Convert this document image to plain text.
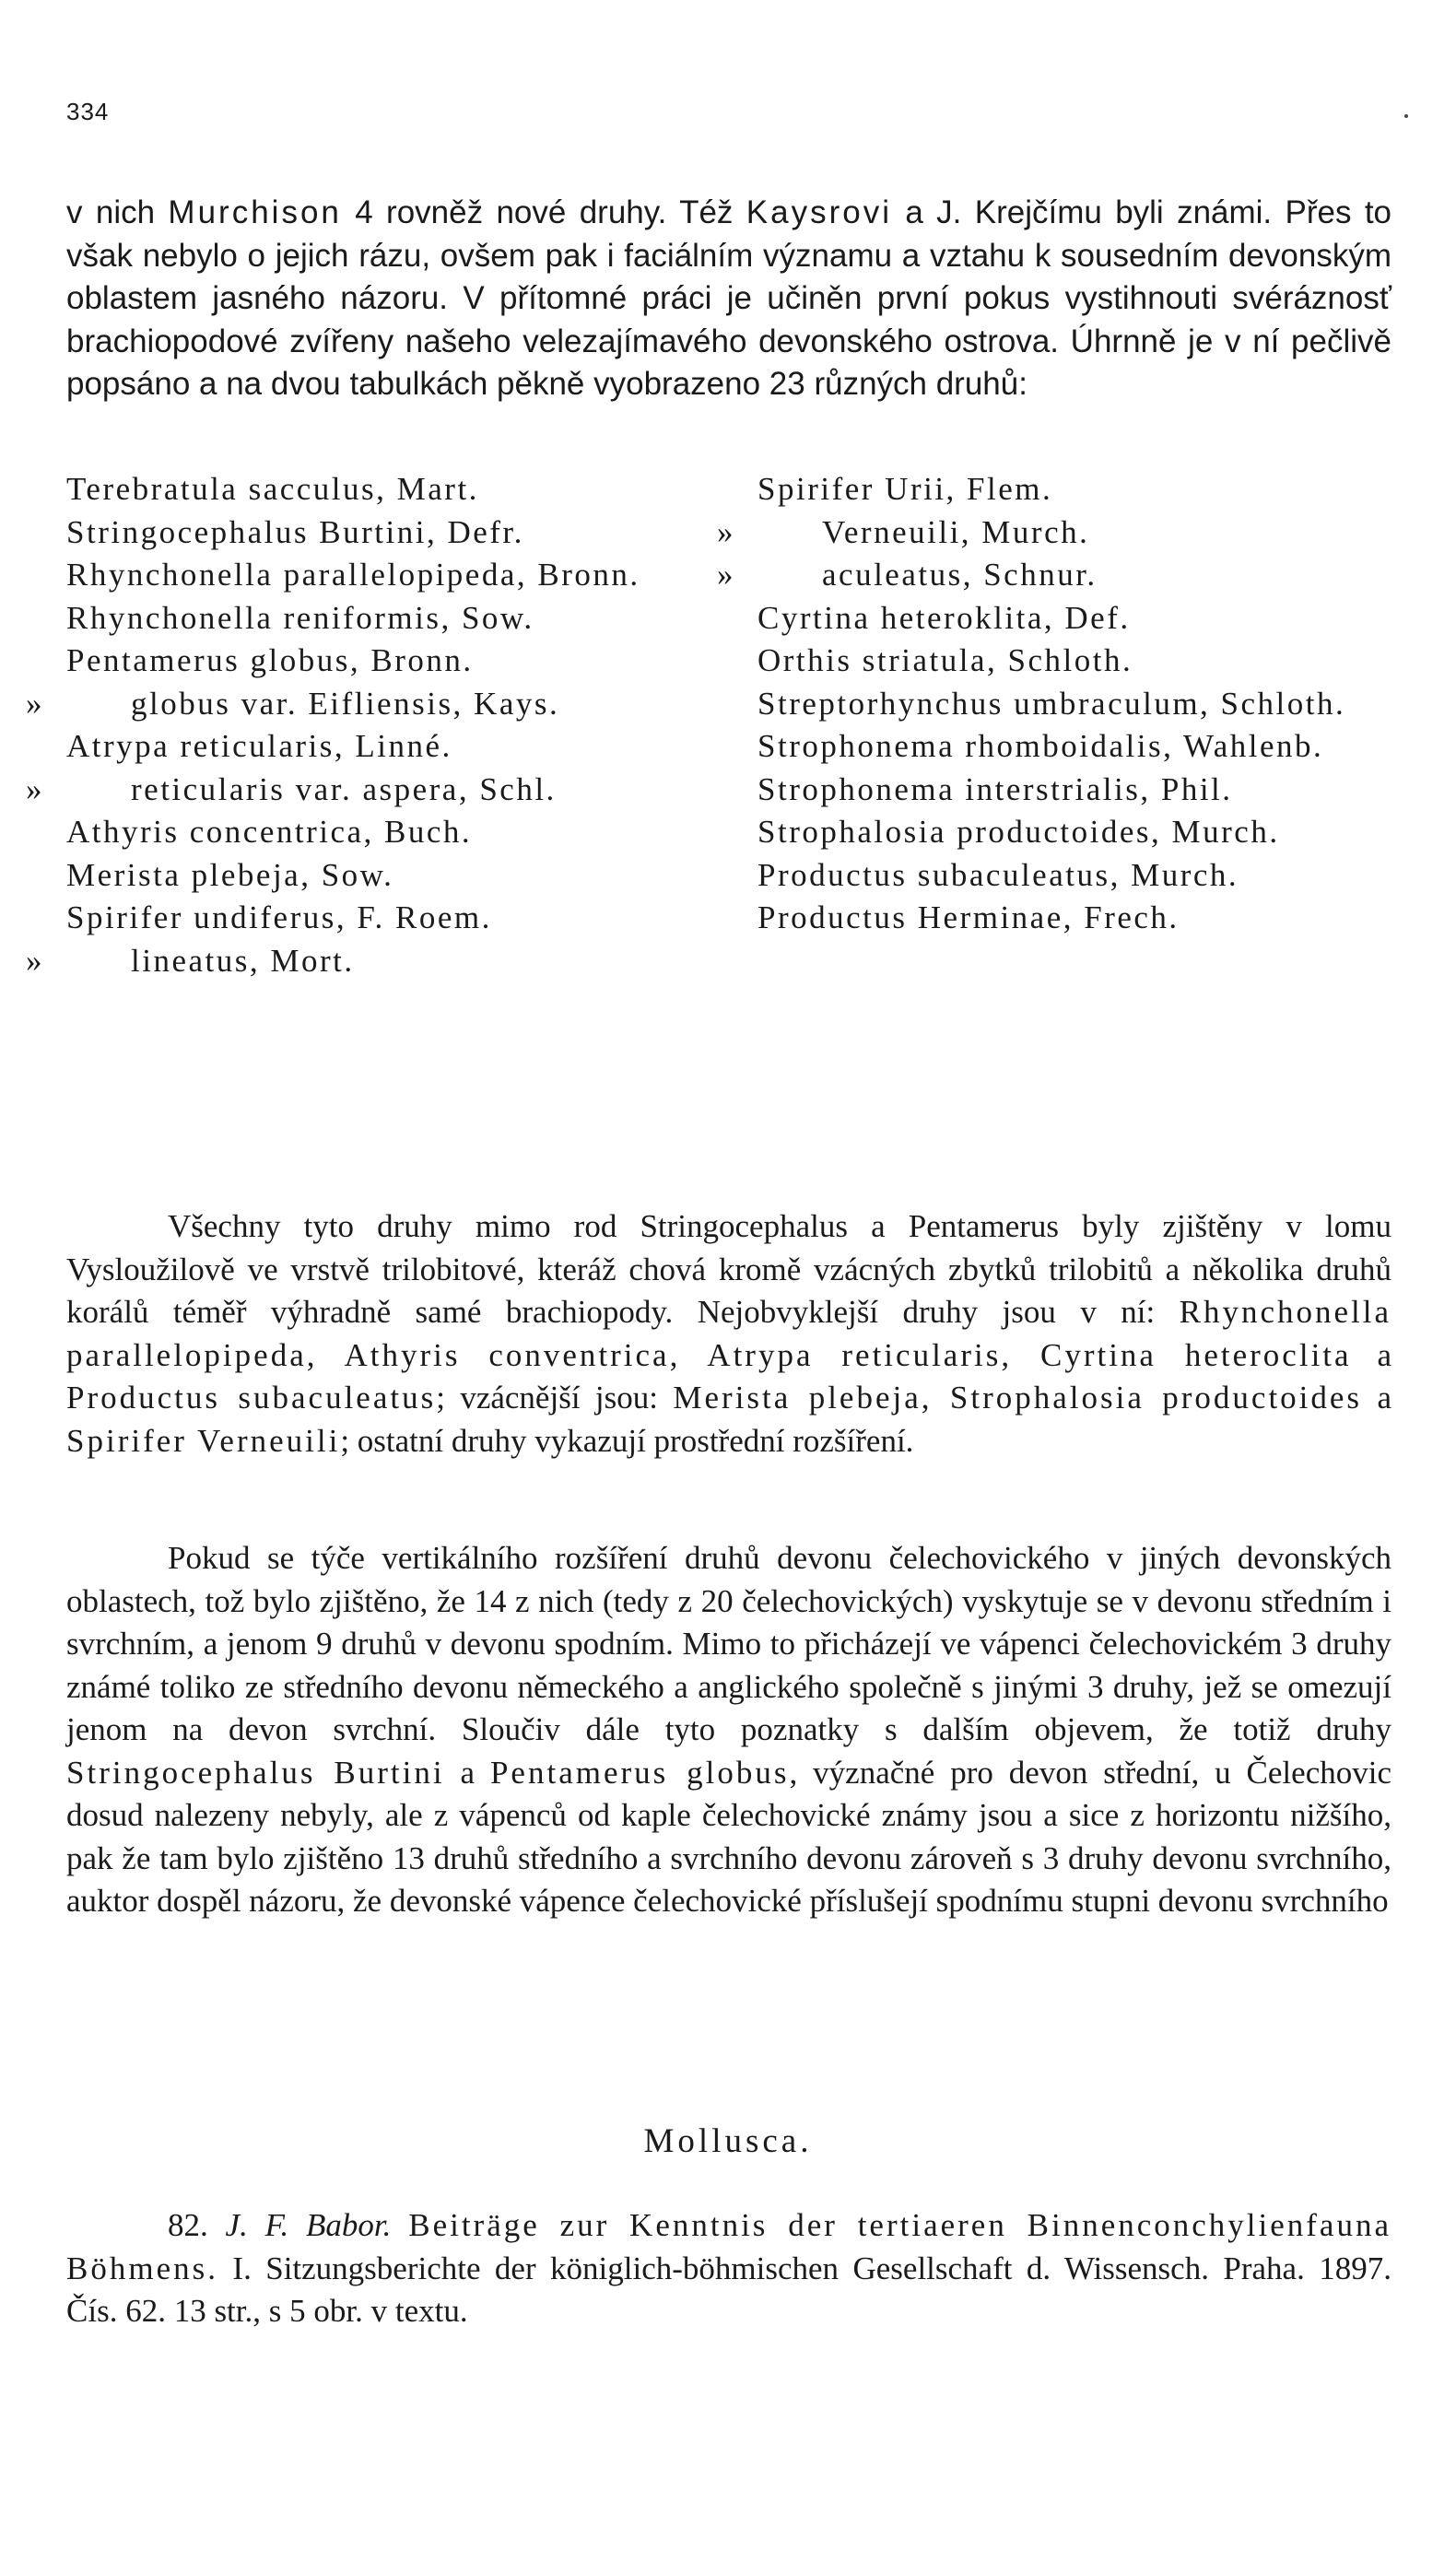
334
v nich Murchison 4 rovněž nové druhy. Též Kaysrovi a J. Krejčímu byli známi. Přes to však nebylo o jejich rázu, ovšem pak i faciálním významu a vztahu k sousedním devonským oblastem jasného názoru. V přítomné práci je učiněn první pokus vystihnouti svéráznosť brachiopodové zvířeny našeho velezajímavého devonského ostrova. Úhrnně je v ní pečlivě popsáno a na dvou tabulkách pěkně vyobrazeno 23 různých druhů:
Terebratula sacculus, Mart.
Stringocephalus Burtini, Defr.
Rhynchonella parallelopipeda, Bronn.
Rhynchonella reniformis, Sow.
Pentamerus globus, Bronn.
»	globus var. Eifliensis, Kays.
Atrypa reticularis, Linné.
»	reticularis var. aspera, Schl.
Athyris concentrica, Buch.
Merista plebeja, Sow.
Spirifer undiferus, F. Roem.
»	lineatus, Mort.
Spirifer Urii, Flem.
»	Verneuili, Murch.
»	aculeatus, Schnur.
Cyrtina heteroklita, Def.
Orthis striatula, Schloth.
Streptorhynchus umbraculum, Schloth.
Strophonema rhomboidalis, Wahlenb.
Strophonema interstrialis, Phil.
Strophalosia productoides, Murch.
Productus subaculeatus, Murch.
Productus Herminae, Frech.
Všechny tyto druhy mimo rod Stringocephalus a Pentamerus byly zjištěny v lomu Vysloužilově ve vrstvě trilobitové, kteráž chová kromě vzácných zbytků trilobitů a několika druhů korálů téměř výhradně samé brachiopody. Nejobvyklejší druhy jsou v ní: Rhynchonella parallelopipeda, Athyris conventrica, Atrypa reticularis, Cyrtina heteroclita a Productus subaculeatus; vzácnější jsou: Merista plebeja, Strophalosia productoides a Spirifer Verneuili; ostatní druhy vykazují prostřední rozšíření.
Pokud se týče vertikálního rozšíření druhů devonu čelechovického v jiných devonských oblastech, tož bylo zjištěno, že 14 z nich (tedy z 20 čelechovických) vyskytuje se v devonu středním i svrchním, a jenom 9 druhů v devonu spodním. Mimo to přicházejí ve vápenci čelechovickém 3 druhy známé toliko ze středního devonu německého a anglického společně s jinými 3 druhy, jež se omezují jenom na devon svrchní. Sloučiv dále tyto poznatky s dalším objevem, že totiž druhy Stringocephalus Burtini a Pentamerus globus, význačné pro devon střední, u Čelechovic dosud nalezeny nebyly, ale z vápenců od kaple čelechovické známy jsou a sice z horizontu nižšího, pak že tam bylo zjištěno 13 druhů středního a svrchního devonu zároveň s 3 druhy devonu svrchního, auktor dospěl názoru, že devonské vápence čelechovické příslušejí spodnímu stupni devonu svrchního
Mollusca.
82. J. F. Babor. Beiträge zur Kenntnis der tertiaeren Binnenconchylienfauna Böhmens. I. Sitzungsberichte der königlich-böhmischen Gesellschaft d. Wissensch. Praha. 1897. Čís. 62. 13 str., s 5 obr. v textu.
